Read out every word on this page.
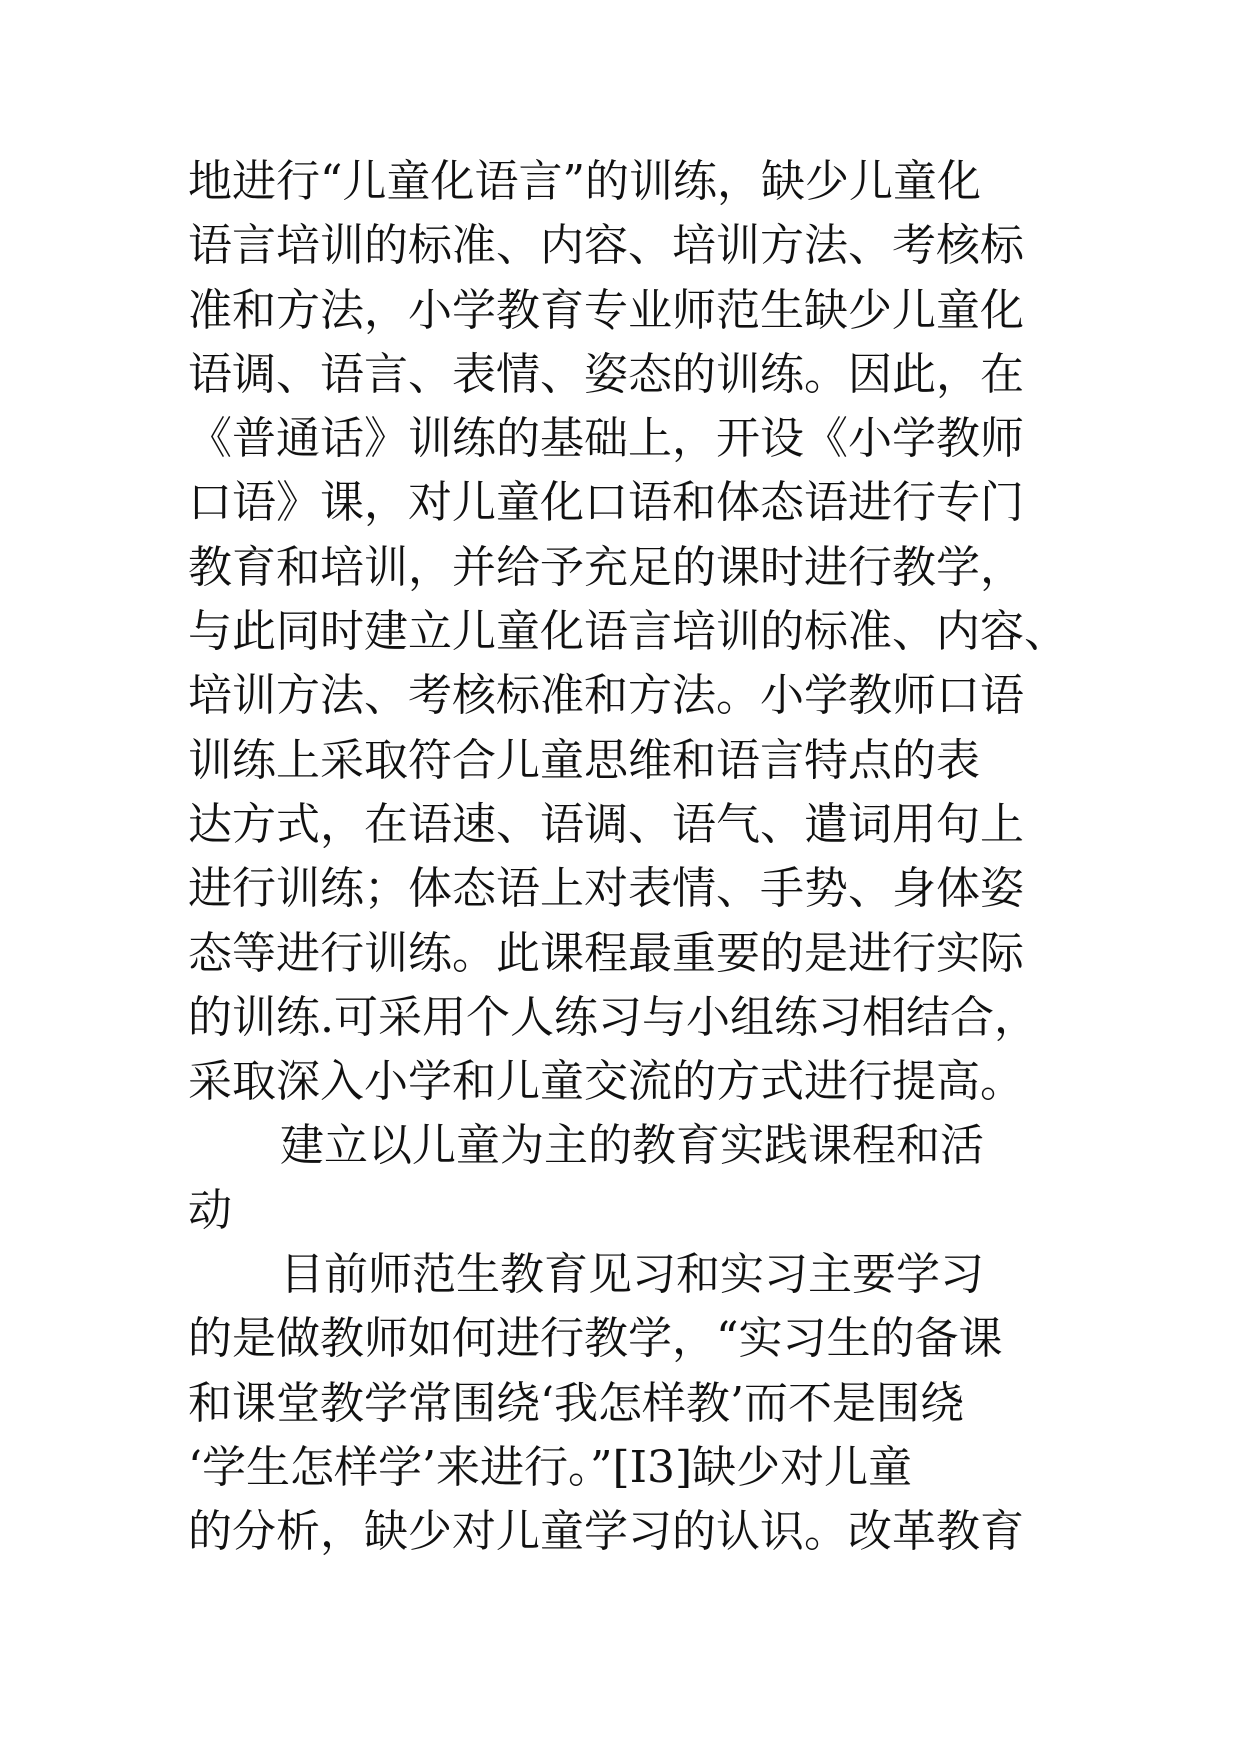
地进行“儿童化语言”的训练，缺少儿童化
语言培训的标准、内容、培训方法、考核标
准和方法，小学教育专业师范生缺少儿童化
语调、语言、表情、姿态的训练。因此，在
《普通话》训练的基础上，开设《小学教师
口语》课，对儿童化口语和体态语进行专门
教育和培训，并给予充足的课时进行教学，
与此同时建立儿童化语言培训的标准、内容、
培训方法、考核标准和方法。小学教师口语
训练上采取符合儿童思维和语言特点的表
达方式，在语速、语调、语气、遣词用句上
进行训练；体态语上对表情、手势、身体姿
态等进行训练。此课程最重要的是进行实际
的训练.可采用个人练习与小组练习相结合，
采取深入小学和儿童交流的方式进行提高。
建立以儿童为主的教育实践课程和活
动
目前师范生教育见习和实习主要学习
的是做教师如何进行教学，“实习生的备课
和课堂教学常围绕‘我怎样教’而不是围绕
‘学生怎样学’来进行。”[I3]缺少对儿童
的分析，缺少对儿童学习的认识。改革教育
